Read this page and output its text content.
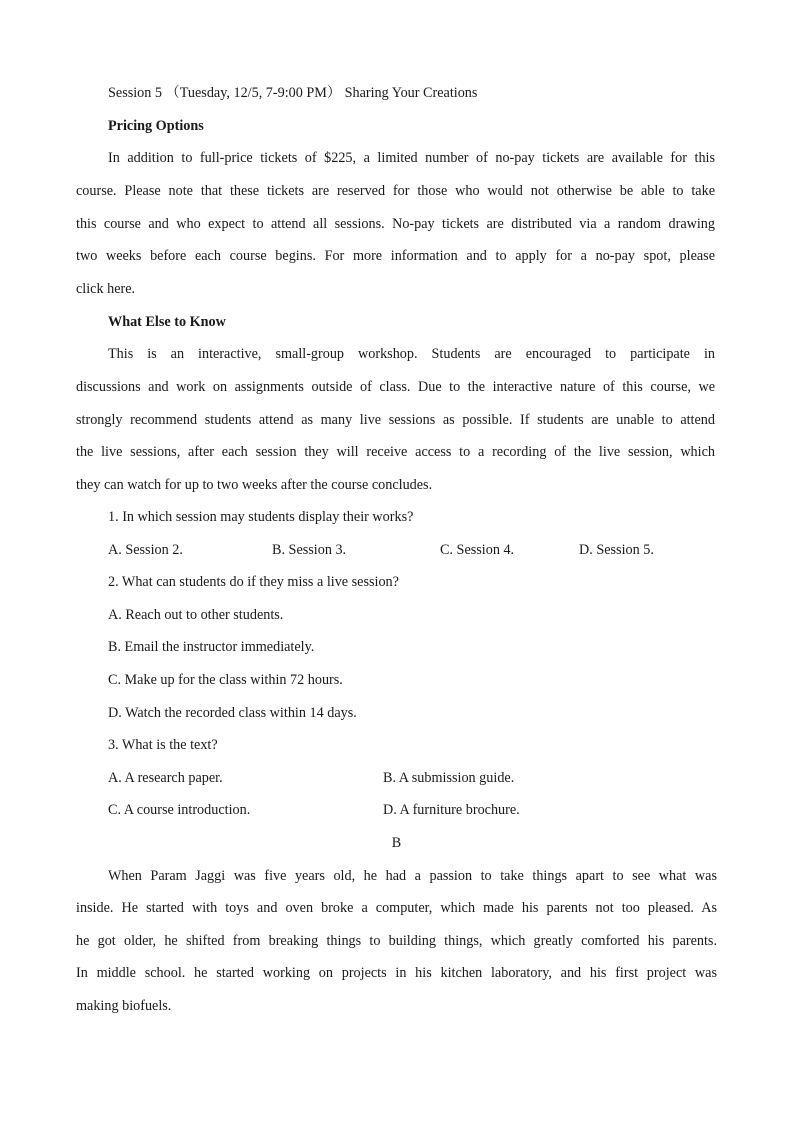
Session 5 （Tuesday, 12/5, 7-9:00 PM） Sharing Your Creations
Pricing Options
In addition to full-price tickets of $225, a limited number of no-pay tickets are available for this
course. Please note that these tickets are reserved for those who would not otherwise be able to take
this course and who expect to attend all sessions. No-pay tickets are distributed via a random drawing
two weeks before each course begins. For more information and to apply for a no-pay spot, please
click here.
What Else to Know
This is an interactive, small-group workshop. Students are encouraged to participate in
discussions and work on assignments outside of class. Due to the interactive nature of this course, we
strongly recommend students attend as many live sessions as possible. If students are unable to attend
the live sessions, after each session they will receive access to a recording of the live session, which
they can watch for up to two weeks after the course concludes.
1. In which session may students display their works?
A. Session 2.	B. Session 3.	C. Session 4.	D. Session 5.
2. What can students do if they miss a live session?
A. Reach out to other students.
B. Email the instructor immediately.
C. Make up for the class within 72 hours.
D. Watch the recorded class within 14 days.
3. What is the text?
A. A research paper.	B. A submission guide.
C. A course introduction.	D. A furniture brochure.
B
When Param Jaggi was five years old, he had a passion to take things apart to see what was
inside. He started with toys and oven broke a computer, which made his parents not too pleased. As
he got older, he shifted from breaking things to building things, which greatly comforted his parents.
In middle school. he started working on projects in his kitchen laboratory, and his first project was
making biofuels.
